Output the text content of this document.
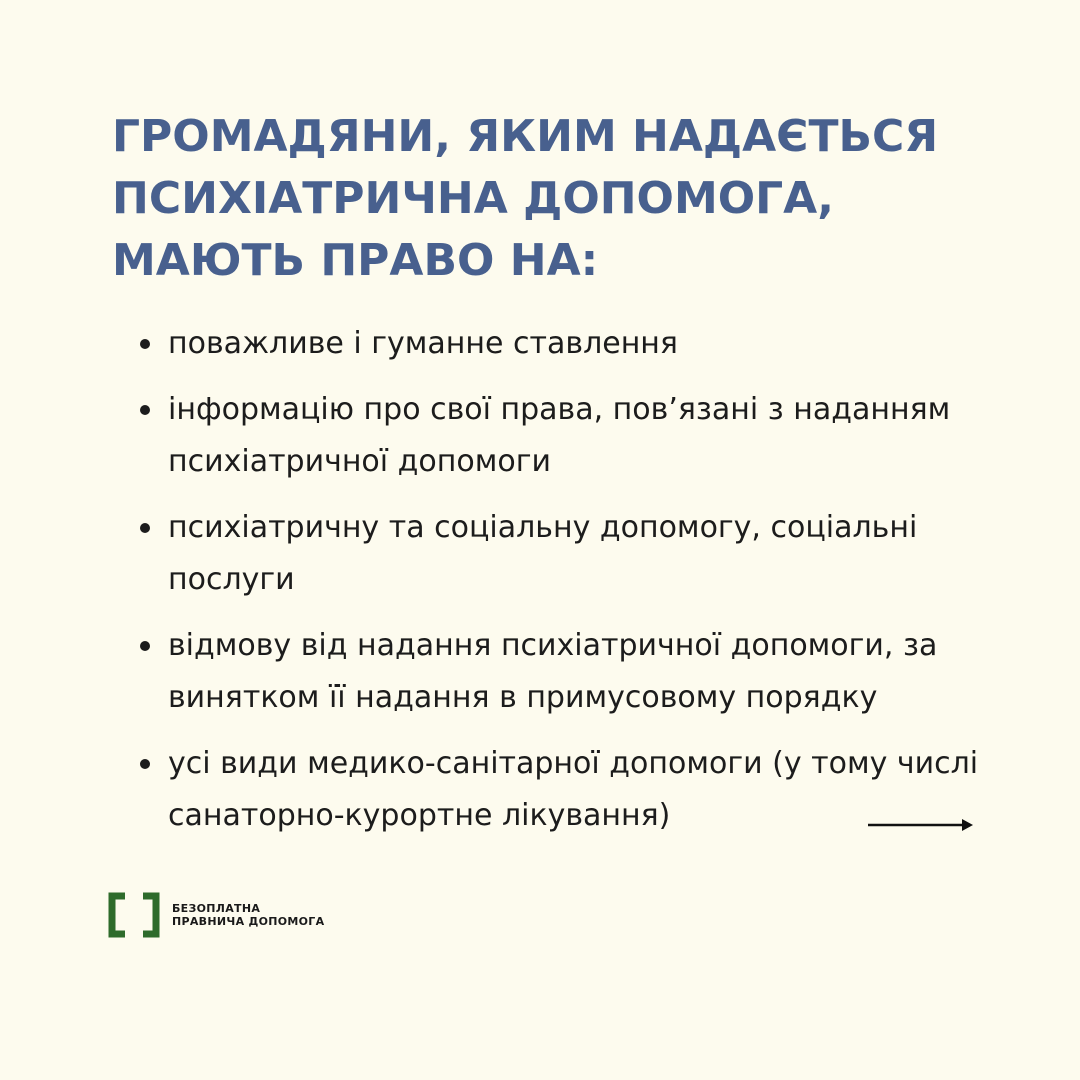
ГРОМАДЯНИ, ЯКИМ НАДАЄТЬСЯ ПСИХІАТРИЧНА ДОПОМОГА, МАЮТЬ ПРАВО НА:
поважливе і гуманне ставлення
інформацію про свої права, пов’язані з наданням психіатричної допомоги
психіатричну та соціальну допомогу, соціальні послуги
відмову від надання психіатричної допомоги, за винятком її надання в примусовому порядку
усі види медико-санітарної допомоги (у тому числі санаторно-курортне лікування)
БЕЗОПЛАТНА
ПРАВНИЧА ДОПОМОГА
